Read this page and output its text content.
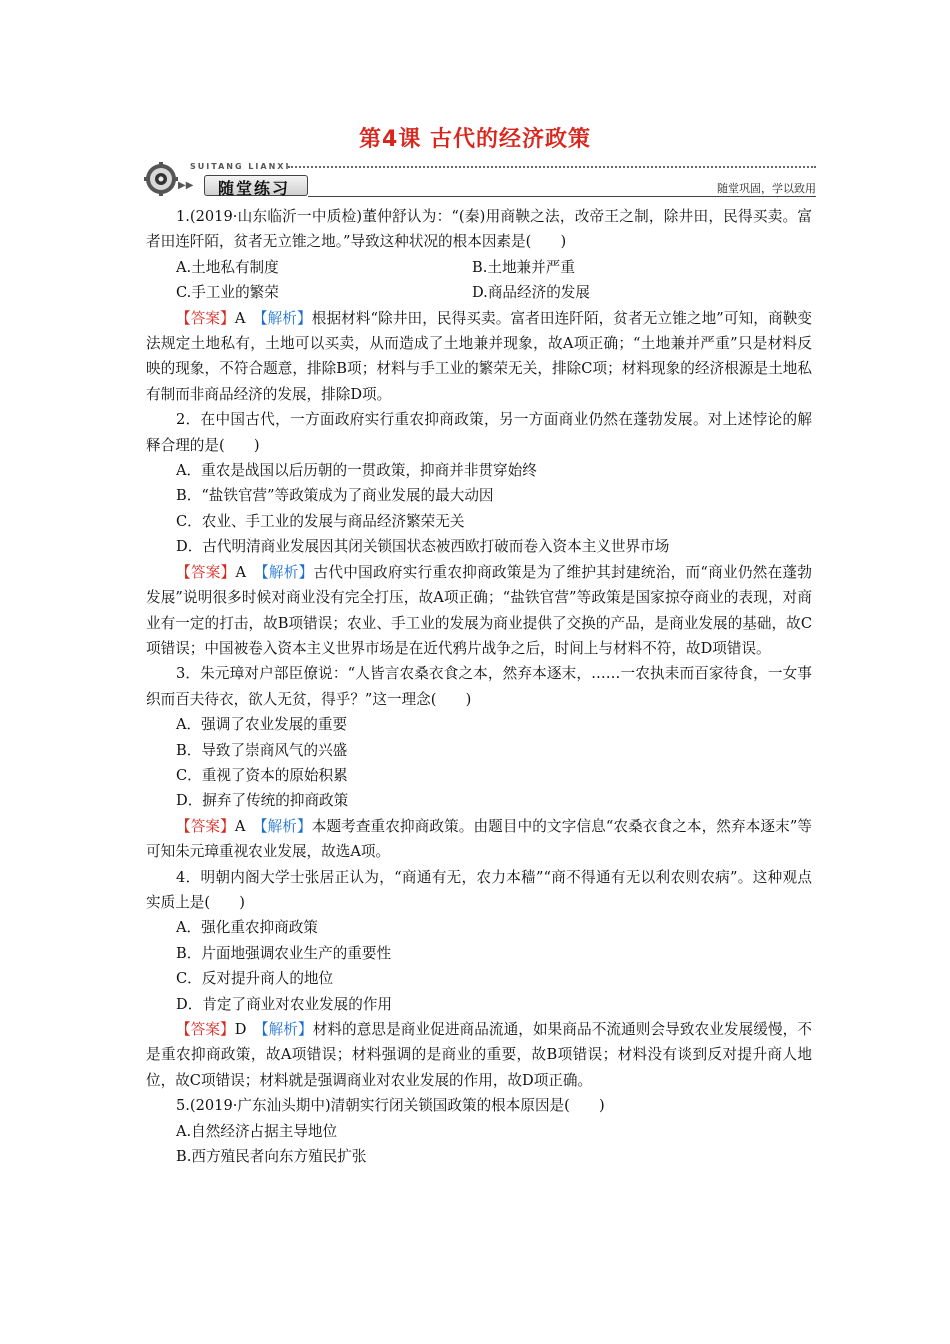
第4课 古代的经济政策
▶▶
SUITANG LIANXI
随堂练习	随堂巩固，学以致用

1.(2019·山东临沂一中质检)董仲舒认为：“(秦)用商鞅之法，改帝王之制，除井田，民得买卖。富者田连阡陌，贫者无立锥之地。”导致这种状况的根本因素是(　　)

A.土地私有制度	B.土地兼并严重
C.手工业的繁荣	D.商品经济的发展

【答案】A　 【解析】根据材料“除井田，民得买卖。富者田连阡陌，贫者无立锥之地”可知，商鞅变法规定土地私有，土地可以买卖，从而造成了土地兼并现象，故A项正确；“土地兼并严重”只是材料反映的现象，不符合题意，排除B项；材料与手工业的繁荣无关，排除C项；材料现象的经济根源是土地私有制而非商品经济的发展，排除D项。

2．在中国古代，一方面政府实行重农抑商政策，另一方面商业仍然在蓬勃发展。对上述悖论的解释合理的是(　　)

A．重农是战国以后历朝的一贯政策，抑商并非贯穿始终

B．“盐铁官营”等政策成为了商业发展的最大动因

C．农业、手工业的发展与商品经济繁荣无关

D．古代明清商业发展因其闭关锁国状态被西欧打破而卷入资本主义世界市场

【答案】A　 【解析】古代中国政府实行重农抑商政策是为了维护其封建统治，而“商业仍然在蓬勃发展”说明很多时候对商业没有完全打压，故A项正确；“盐铁官营”等政策是国家掠夺商业的表现，对商业有一定的打击，故B项错误；农业、手工业的发展为商业提供了交换的产品，是商业发展的基础，故C项错误；中国被卷入资本主义世界市场是在近代鸦片战争之后，时间上与材料不符，故D项错误。

3．朱元璋对户部臣僚说：“人皆言农桑衣食之本，然弃本逐末，……一农执耒而百家待食，一女事织而百夫待衣，欲人无贫，得乎？”这一理念(　　)

A．强调了农业发展的重要

B．导致了崇商风气的兴盛

C．重视了资本的原始积累

D．摒弃了传统的抑商政策

【答案】A　 【解析】本题考查重农抑商政策。由题目中的文字信息“农桑衣食之本，然弃本逐末”等可知朱元璋重视农业发展，故选A项。

4．明朝内阁大学士张居正认为，“商通有无，农力本穑”“商不得通有无以利农则农病”。这种观点实质上是(　　)

A．强化重农抑商政策

B．片面地强调农业生产的重要性

C．反对提升商人的地位

D．肯定了商业对农业发展的作用

【答案】D　 【解析】材料的意思是商业促进商品流通，如果商品不流通则会导致农业发展缓慢，不是重农抑商政策，故A项错误；材料强调的是商业的重要，故B项错误；材料没有谈到反对提升商人地位，故C项错误；材料就是强调商业对农业发展的作用，故D项正确。

5.(2019·广东汕头期中)清朝实行闭关锁国政策的根本原因是(　　)

A.自然经济占据主导地位

B.西方殖民者向东方殖民扩张
